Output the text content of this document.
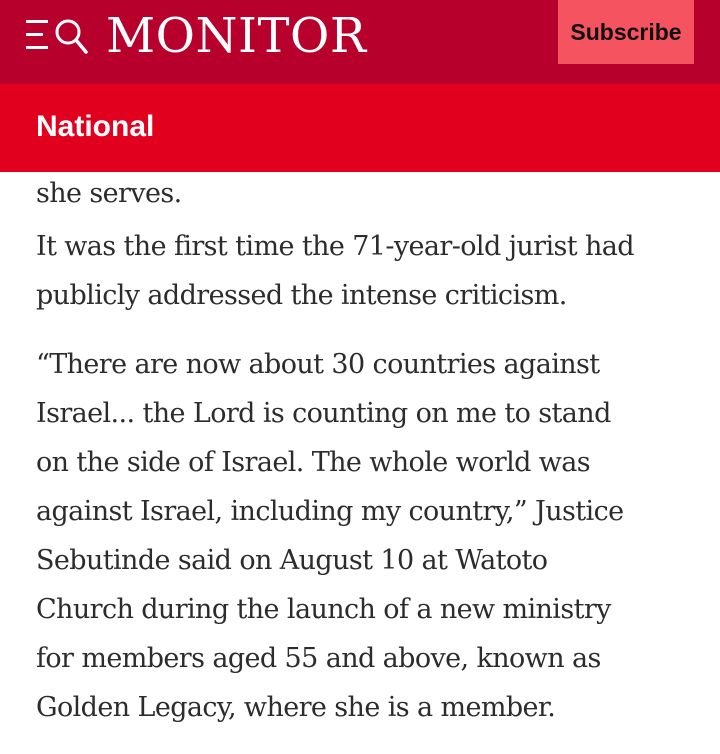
MONITOR	Subscribe
National

she serves.

It was the first time the 71-year-old jurist had

publicly addressed the intense criticism.

“There are now about 30 countries against

Israel... the Lord is counting on me to stand

on the side of Israel. The whole world was

against Israel, including my country,” Justice

Sebutinde said on August 10 at Watoto

Church during the launch of a new ministry

for members aged 55 and above, known as

Golden Legacy, where she is a member.
